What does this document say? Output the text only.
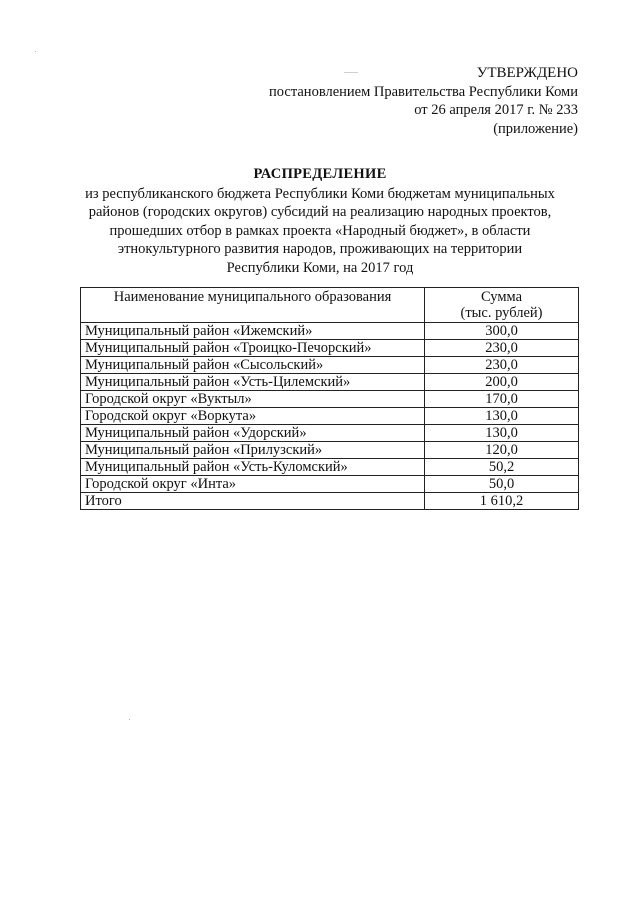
УТВЕРЖДЕНО
постановлением Правительства Республики Коми
от 26 апреля 2017 г. № 233
(приложение)
РАСПРЕДЕЛЕНИЕ
из республиканского бюджета Республики Коми бюджетам муниципальных
районов (городских округов) субсидий на реализацию народных проектов,
прошедших отбор в рамках проекта «Народный бюджет», в области
этнокультурного развития народов, проживающих на территории
Республики Коми, на 2017 год
Наименование муниципального образования	Сумма
(тыс. рублей)

Муниципальный район «Ижемский»	300,0
Муниципальный район «Троицко-Печорский»	230,0
Муниципальный район «Сысольский»	230,0
Муниципальный район «Усть-Цилемский»	200,0
Городской округ «Вуктыл»	170,0
Городской округ «Воркута»	130,0
Муниципальный район «Удорский»	130,0
Муниципальный район «Прилузский»	120,0
Муниципальный район «Усть-Куломский»	50,2
Городской округ «Инта»	50,0
Итого	1 610,2
